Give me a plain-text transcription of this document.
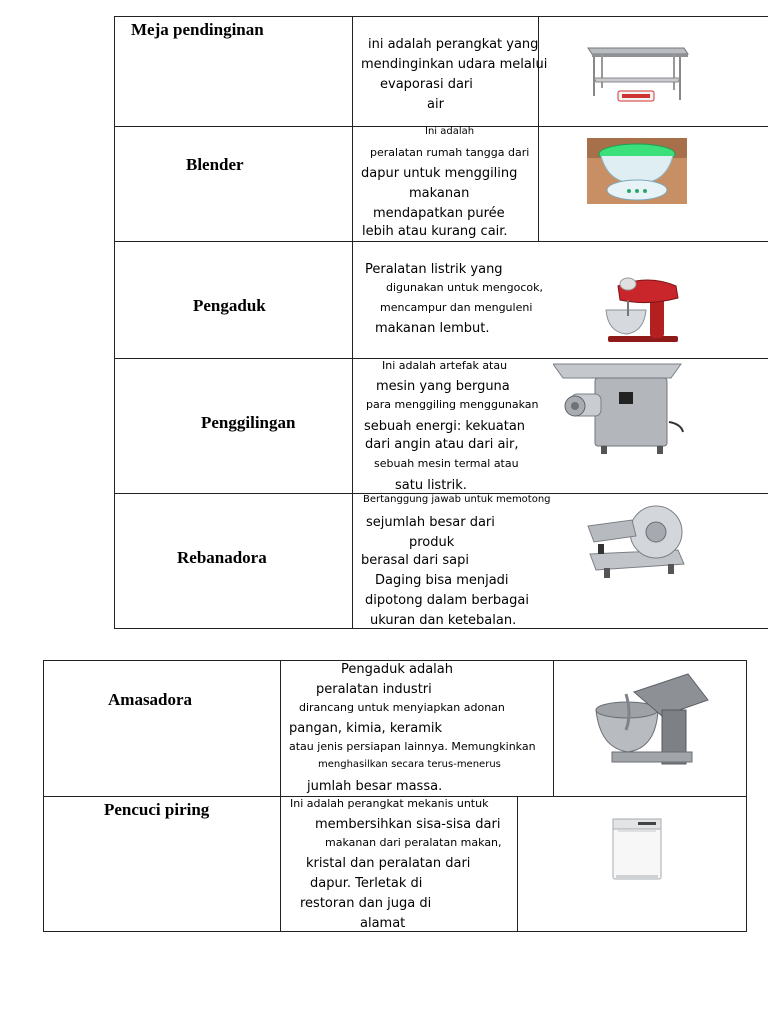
Meja pendinginan

ini adalah perangkat yang

mendinginkan udara melalui

evaporasi dari

air

Blender

Ini adalah

peralatan rumah tangga dari

dapur untuk menggiling

makanan

mendapatkan purée

lebih atau kurang cair.

Pengaduk

Peralatan listrik yang

digunakan untuk mengocok,

mencampur dan menguleni

makanan lembut.

Penggilingan

Ini adalah artefak atau

mesin yang berguna

para menggiling menggunakan

sebuah energi: kekuatan

dari angin atau dari air,

sebuah mesin termal atau

satu listrik.

Rebanadora

Bertanggung jawab untuk memotong

sejumlah besar dari

produk

berasal dari sapi

Daging bisa menjadi

dipotong dalam berbagai

ukuran dan ketebalan.

Amasadora

Pengaduk adalah

peralatan industri

dirancang untuk menyiapkan adonan

pangan, kimia, keramik

atau jenis persiapan lainnya. Memungkinkan

menghasilkan secara terus-menerus

jumlah besar massa.

Pencuci piring	Ini adalah perangkat mekanis untuk

membersihkan sisa-sisa dari

makanan dari peralatan makan,

kristal dan peralatan dari

dapur. Terletak di

restoran dan juga di

alamat
